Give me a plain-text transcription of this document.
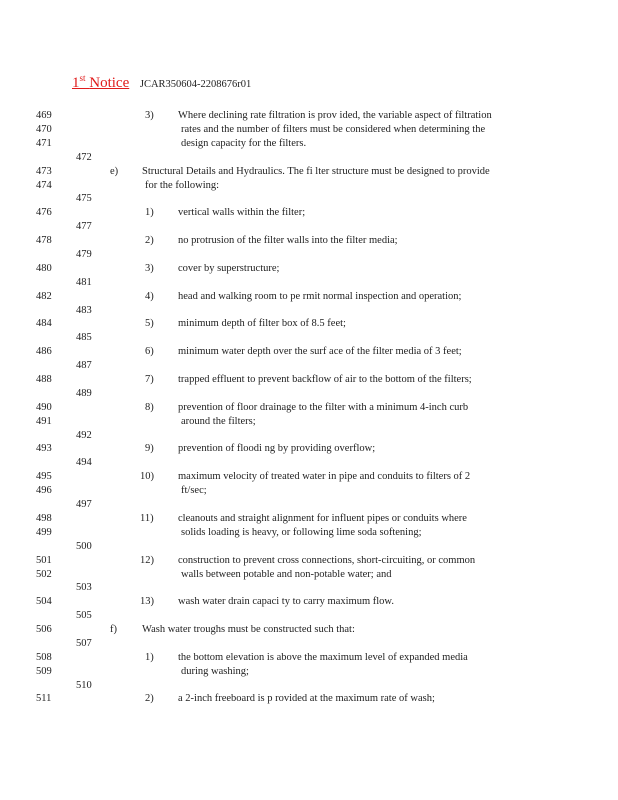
1st Notice JCAR350604-2208676r01
469
470
471
472
473
474
475
476
477
478
479
480
481
482
483
484
485
486
487
488
489
490
491
492
493
494
495
496
497
498
499
500
501
502
503
504
505
506
507
508
509
510
511
3)
e)
1)
2)
3)
4)
5)
6)
7)
8)
9)
10)
11)
12)
13)
f)
1)
2)
Where declining rate filtration is prov ided, the variable aspect of filtration
rates and the number of filters must be considered when determining the
design capacity for the filters.
Structural Details and Hydraulics. The fi lter structure must be designed to provide
for the following:
vertical walls within the filter;
no protrusion of the filter walls into the filter media;
cover by superstructure;
head and walking room to pe rmit normal inspection and operation;
minimum depth of filter box of 8.5 feet;
minimum water depth over the surf ace of the filter media of 3 feet;
trapped effluent to prevent backflow of air to the bottom of the filters;
prevention of floor drainage to the filter with a minimum 4-inch curb
around the filters;
prevention of floodi ng by providing overflow;
maximum velocity of treated water in pipe and conduits to filters of 2
ft/sec;
cleanouts and straight alignment for influent pipes or conduits where
solids loading is heavy, or following lime soda softening;
construction to prevent cross connections, short-circuiting, or common
walls between potable and non-potable water; and
wash water drain capaci ty to carry maximum flow.
Wash water troughs must be constructed such that:
the bottom elevation is above the maximum level of expanded media
during washing;
a 2-inch freeboard is p rovided at the maximum rate of wash;
